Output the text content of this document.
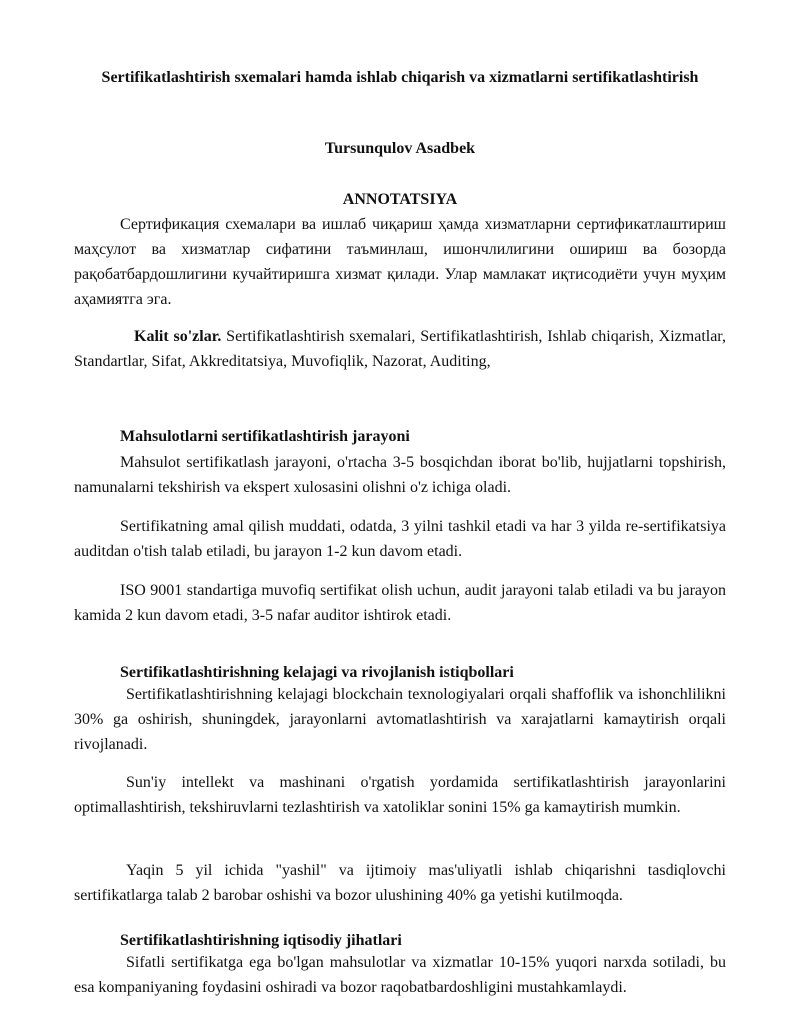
Sertifikatlashtirish sxemalari hamda ishlab chiqarish va xizmatlarni sertifikatlashtirish
Tursunqulov Asadbek
ANNOTATSIYA

Сертификация схемалари ва ишлаб чиқариш ҳамда хизматларни сертификатлаштириш маҳсулот ва хизматлар сифатини таъминлаш, ишончлилигини ошириш ва бозорда рақобатбардошлигини кучайтиришга хизмат қилади. Улар мамлакат иқтисодиёти учун муҳим аҳамиятга эга.

Kalit so'zlar. Sertifikatlashtirish sxemalari, Sertifikatlashtirish, Ishlab chiqarish, Xizmatlar, Standartlar, Sifat, Akkreditatsiya, Muvofiqlik, Nazorat, Auditing,

Mahsulotlarni sertifikatlashtirish jarayoni

Mahsulot sertifikatlash jarayoni, o'rtacha 3-5 bosqichdan iborat bo'lib, hujjatlarni topshirish, namunalarni tekshirish va ekspert xulosasini olishni o'z ichiga oladi.

Sertifikatning amal qilish muddati, odatda, 3 yilni tashkil etadi va har 3 yilda re-sertifikatsiya auditdan o'tish talab etiladi, bu jarayon 1-2 kun davom etadi.

ISO 9001 standartiga muvofiq sertifikat olish uchun, audit jarayoni talab etiladi va bu jarayon kamida 2 kun davom etadi, 3-5 nafar auditor ishtirok etadi.

Sertifikatlashtirishning kelajagi va rivojlanish istiqbollari

Sertifikatlashtirishning kelajagi blockchain texnologiyalari orqali shaffoflik va ishonchlilikni 30% ga oshirish, shuningdek, jarayonlarni avtomatlashtirish va xarajatlarni kamaytirish orqali rivojlanadi.

Sun'iy intellekt va mashinani o'rgatish yordamida sertifikatlashtirish jarayonlarini optimallashtirish, tekshiruvlarni tezlashtirish va xatoliklar sonini 15% ga kamaytirish mumkin.

Yaqin 5 yil ichida "yashil" va ijtimoiy mas'uliyatli ishlab chiqarishni tasdiqlovchi sertifikatlarga talab 2 barobar oshishi va bozor ulushining 40% ga yetishi kutilmoqda.

Sertifikatlashtirishning iqtisodiy jihatlari

Sifatli sertifikatga ega bo'lgan mahsulotlar va xizmatlar 10-15% yuqori narxda sotiladi, bu esa kompaniyaning foydasini oshiradi va bozor raqobatbardoshligini mustahkamlaydi.
